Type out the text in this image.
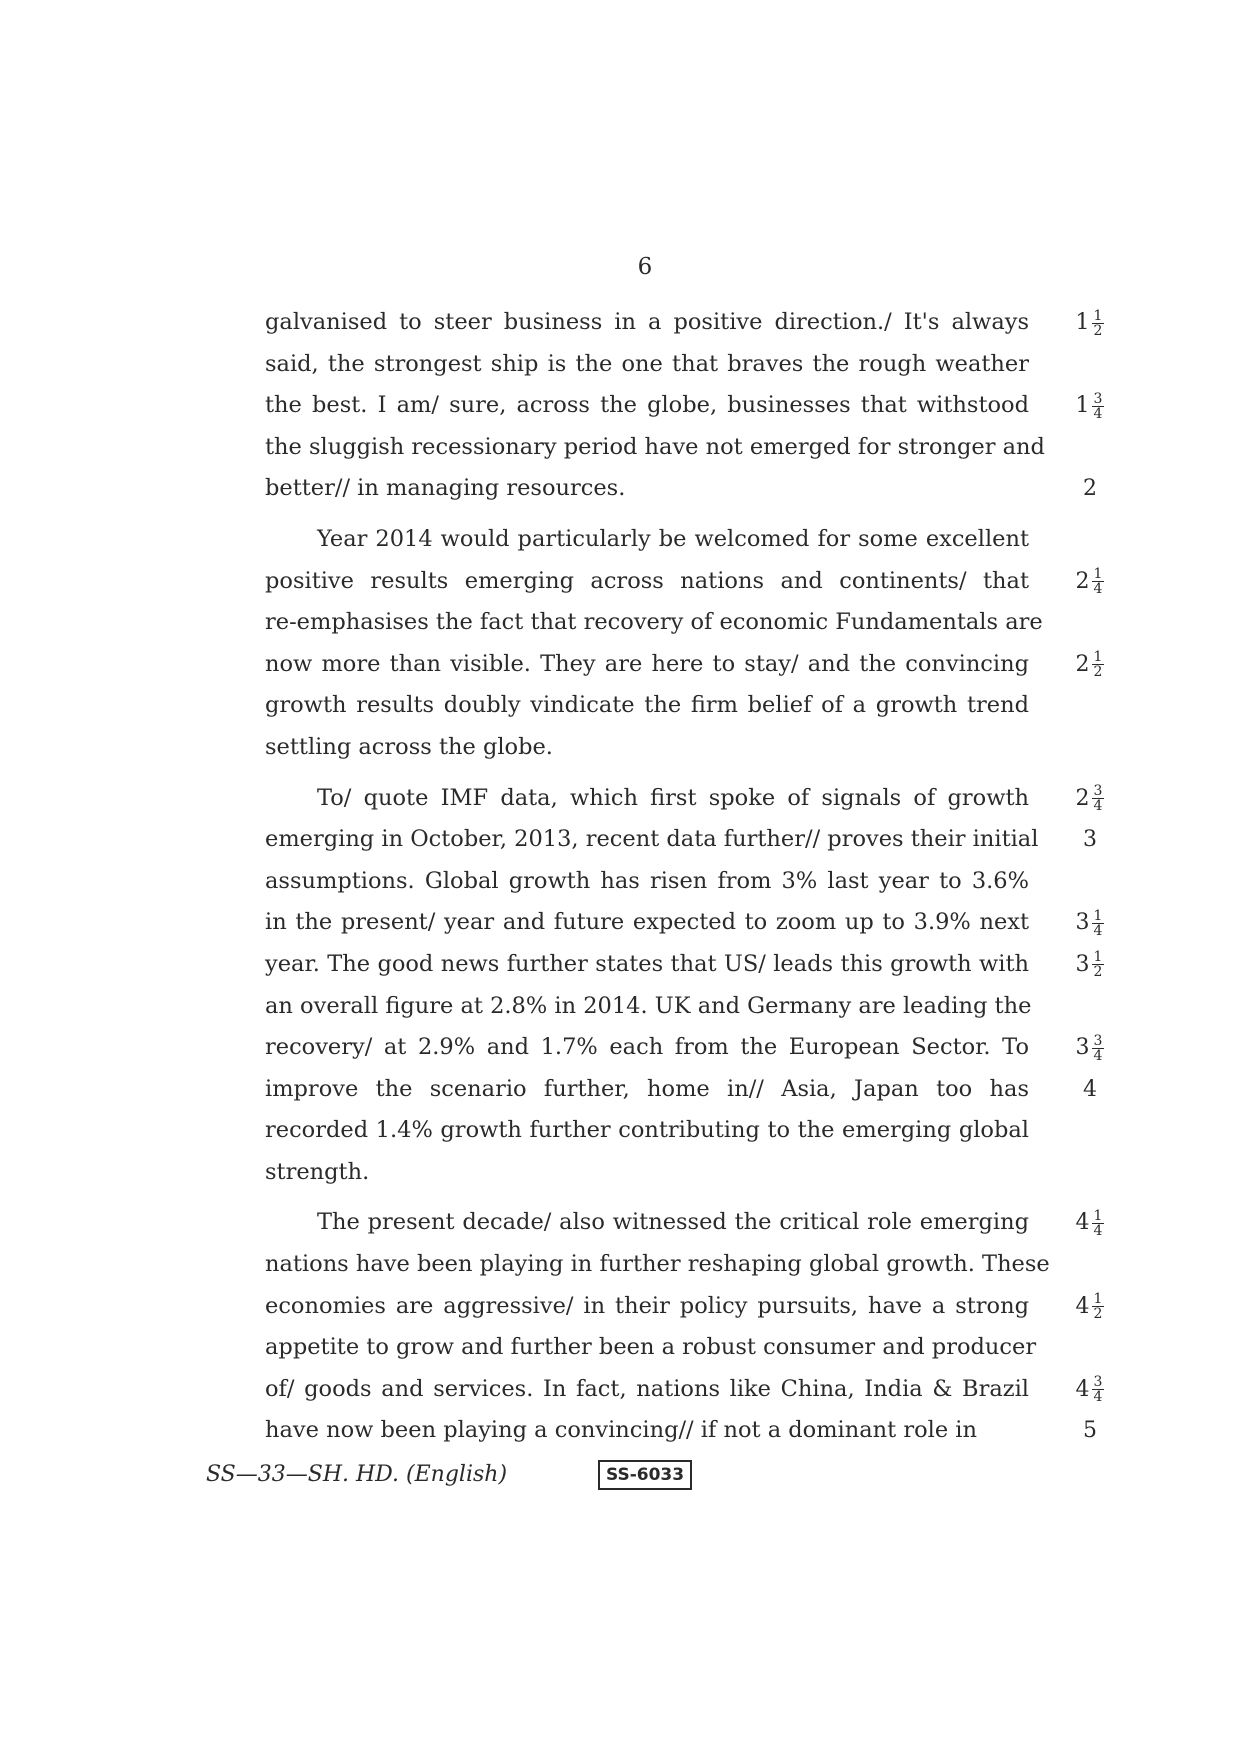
6
galvanised to steer business in a positive direction./ It's always	$1 \frac{1}{2}$
said, the strongest ship is the one that braves the rough weather
the best. I am/ sure, across the globe, businesses that withstood	$1 \frac{3}{4}$
the sluggish recessionary period have not emerged for stronger and
better// in managing resources.	2
Year 2014 would particularly be welcomed for some excellent
positive results emerging across nations and continents/ that	$2 \frac{1}{4}$
re-emphasises the fact that recovery of economic Fundamentals are
now more than visible. They are here to stay/ and the convincing	$2 \frac{1}{2}$
growth results doubly vindicate the firm belief of a growth trend
settling across the globe.
To/ quote IMF data, which first spoke of signals of growth	$2 \frac{3}{4}$
emerging in October, 2013, recent data further// proves their initial	3
assumptions. Global growth has risen from 3% last year to 3.6%
in the present/ year and future expected to zoom up to 3.9% next	$3 \frac{1}{4}$
year. The good news further states that US/ leads this growth with	$3 \frac{1}{2}$
an overall figure at 2.8% in 2014. UK and Germany are leading the
recovery/ at 2.9% and 1.7% each from the European Sector. To	$3 \frac{3}{4}$
improve the scenario further, home in// Asia, Japan too has	4
recorded 1.4% growth further contributing to the emerging global
strength.
The present decade/ also witnessed the critical role emerging	$4 \frac{1}{4}$
nations have been playing in further reshaping global growth. These
economies are aggressive/ in their policy pursuits, have a strong	$4 \frac{1}{2}$
appetite to grow and further been a robust consumer and producer
of/ goods and services. In fact, nations like China, India & Brazil	$4 \frac{3}{4}$
have now been playing a convincing// if not a dominant role in	5
SS—33—SH. HD. (English)	SS-6033
